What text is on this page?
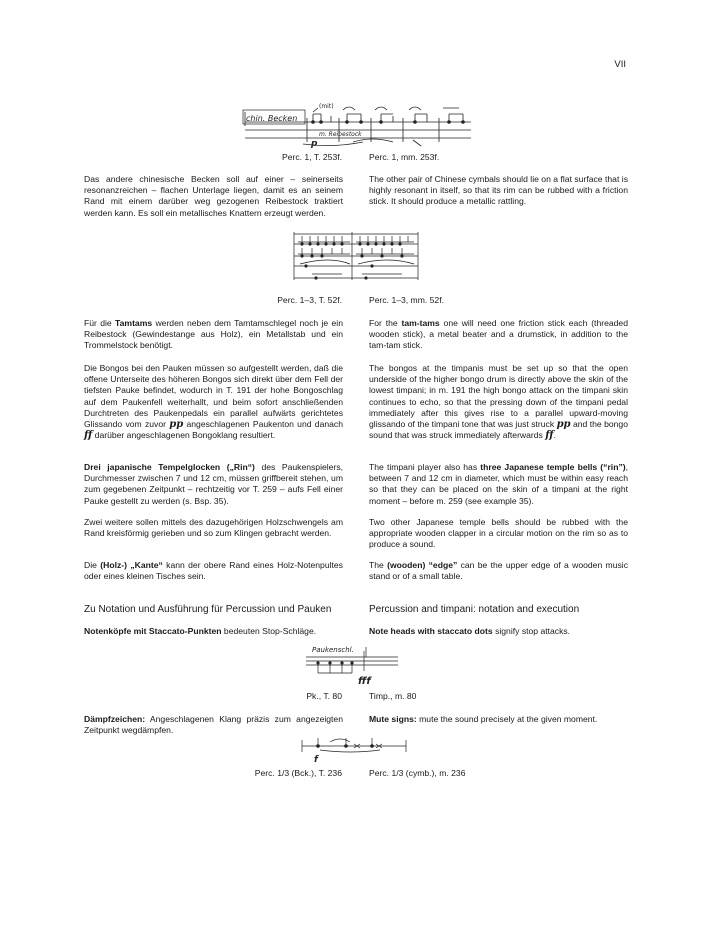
VII
chin. Becken
m. Reibestock
(mit)
p
Perc. 1, T. 253f.	Perc. 1, mm. 253f.
Das andere chinesische Becken soll auf einer – seinerseits resonanzreichen – flachen Unterlage liegen, damit es an seinem Rand mit einem darüber weg gezogenen Reibestock traktiert werden kann. Es soll ein metallisches Knattern erzeugt werden.
The other pair of Chinese cymbals should lie on a flat surface that is highly resonant in itself, so that its rim can be rubbed with a friction stick. It should produce a metallic rattling.
Perc. 1–3, T. 52f.	Perc. 1–3, mm. 52f.
Für die Tamtams werden neben dem Tamtamschlegel noch je ein Reibestock (Gewindestange aus Holz), ein Metallstab und ein Trommelstock benötigt.
For the tam-tams one will need one friction stick each (threaded wooden stick), a metal beater and a drumstick, in addition to the tam-tam stick.
Die Bongos bei den Pauken müssen so aufgestellt werden, daß die offene Unterseite des höheren Bongos sich direkt über dem Fell der tiefsten Pauke befindet, wodurch in T. 191 der hohe Bongoschlag auf dem Paukenfell weiterhallt, und beim sofort anschließenden Durchtreten des Paukenpedals ein parallel aufwärts gerichtetes Glissando vom zuvor pp angeschlagenen Paukenton und danach ff darüber angeschlagenen Bongoklang resultiert.
The bongos at the timpanis must be set up so that the open underside of the higher bongo drum is directly above the skin of the lowest timpani; in m. 191 the high bongo attack on the timpani skin continues to echo, so that the pressing down of the timpani pedal immediately after this gives rise to a parallel upward-moving glissando of the timpani tone that was just struck pp and the bongo sound that was struck immediately afterwards ff.
Drei japanische Tempelglocken („Rin“) des Paukenspielers, Durchmesser zwischen 7 und 12 cm, müssen griffbereit stehen, um zum gegebenen Zeitpunkt – rechtzeitig vor T. 259 – aufs Fell einer Pauke gestellt zu werden (s. Bsp. 35).
The timpani player also has three Japanese temple bells (“rin”), between 7 and 12 cm in diameter, which must be within easy reach so that they can be placed on the skin of a timpani at the right moment – before m. 259 (see example 35).
Zwei weitere sollen mittels des dazugehörigen Holzschwengels am Rand kreisförmig gerieben und so zum Klingen gebracht werden.
Two other Japanese temple bells should be rubbed with the appropriate wooden clapper in a circular motion on the rim so as to produce a sound.
Die (Holz-) „Kante“ kann der obere Rand eines Holz-Notenpultes oder eines kleinen Tisches sein.
The (wooden) “edge” can be the upper edge of a wooden music stand or of a small table.
Zu Notation und Ausführung für Percussion und Pauken	Percussion and timpani: notation and execution
Notenköpfe mit Staccato-Punkten bedeuten Stop-Schläge.	Note heads with staccato dots signify stop attacks.
Paukenschl.
fff
Pk., T. 80	Timp., m. 80
Dämpfzeichen: Angeschlagenen Klang präzis zum angezeigten Zeitpunkt wegdämpfen.
Mute signs: mute the sound precisely at the given moment.
f
Perc. 1/3 (Bck.), T. 236	Perc. 1/3 (cymb.), m. 236
